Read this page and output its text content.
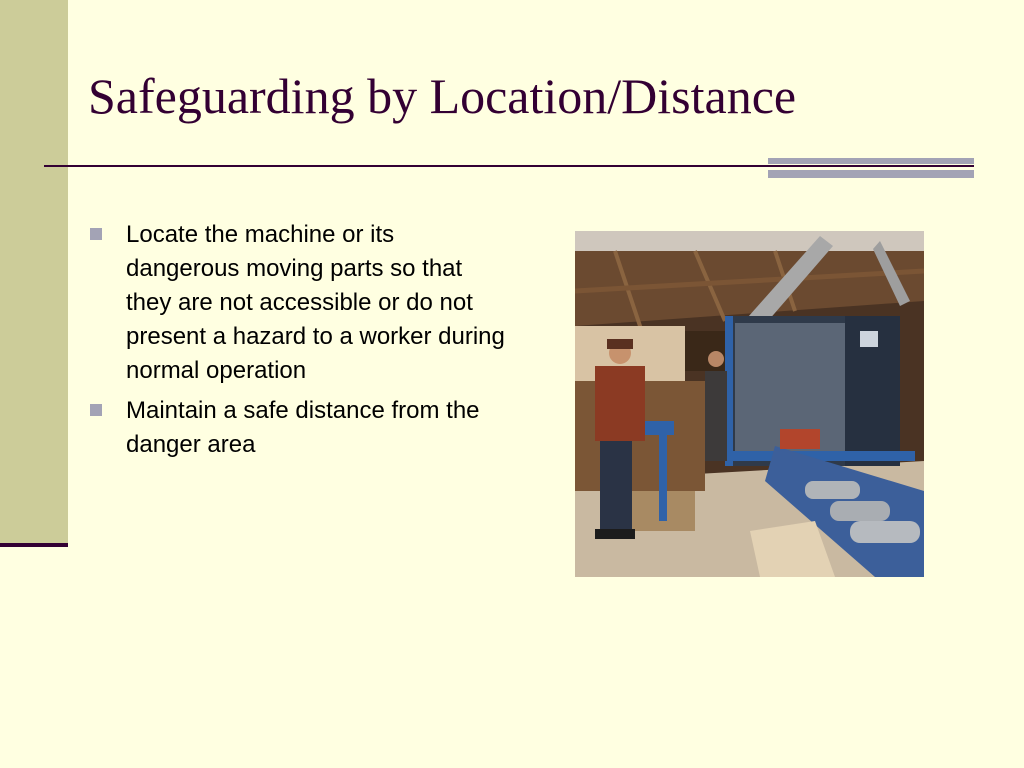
Safeguarding by Location/Distance
Locate the machine or its dangerous moving parts so that they are not accessible or do not present a hazard to a worker during normal operation
Maintain a safe distance from the danger area
